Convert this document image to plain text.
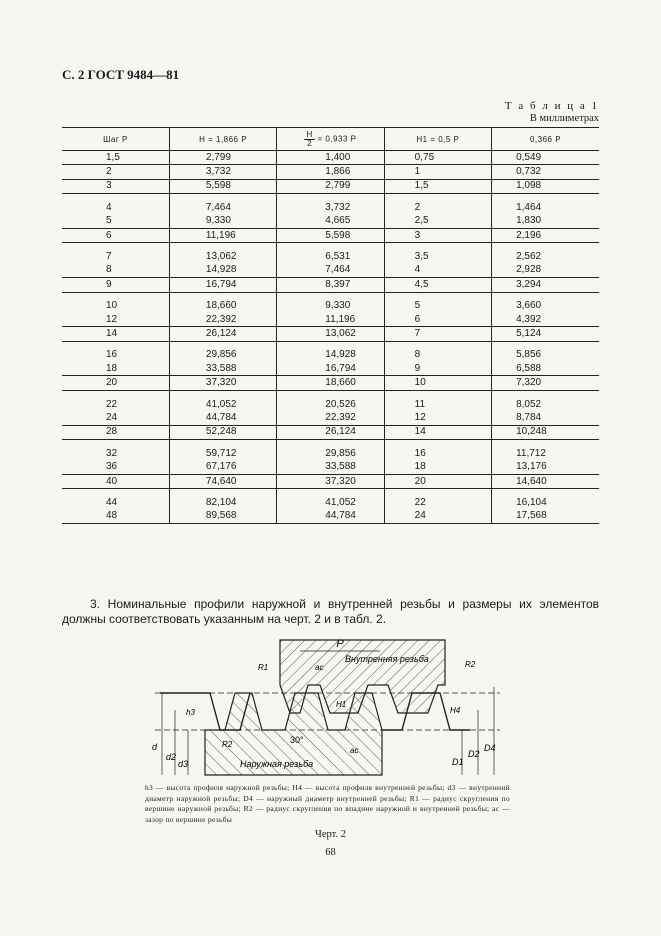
С. 2 ГОСТ 9484—81
Т а б л и ц а 1
В миллиметрах
Шаг P	H = 1,866 P	$\frac{H}{2} = 0,933$ P	H1 = 0,5 P	0,366 P
1,5	2,799	1,400	0,75	0,549
2	3,732	1,866	1	0,732
3	5,598	2,799	1,5	1,098

4	7,464	3,732	2	1,464
5	9,330	4,665	2,5	1,830
6	11,196	5,598	3	2,196

7	13,062	6,531	3,5	2,562
8	14,928	7,464	4	2,928
9	16,794	8,397	4,5	3,294

10	18,660	9,330	5	3,660
12	22,392	11,196	6	4,392
14	26,124	13,062	7	5,124

16	29,856	14,928	8	5,856
18	33,588	16,794	9	6,588
20	37,320	18,660	10	7,320

22	41,052	20,526	11	8,052
24	44,784	22,392	12	8,784
28	52,248	26,124	14	10,248

32	59,712	29,856	16	11,712
36	67,176	33,588	18	13,176
40	74,640	37,320	20	14,640

44	82,104	41,052	22	16,104
48	89,568	44,784	24	17,568
3. Номинальные профили наружной и внутренней резьбы и размеры их элементов должны соответствовать указанным на черт. 2 и в табл. 2.
P
Внутренняя резьба
Наружная резьба
30°
R1
R2
R2
h3	H4
H1
ac
ac
d
d2
d3	D1
D2
D4
h3 — высота профиля наружной резьбы; H4 — высота профиля внутренней резьбы; d3 — внутренний диаметр наружной резьбы; D4 — наружный диаметр внутренней резьбы; R1 — радиус скругления по вершине наружной резьбы; R2 — радиус скругления по впадине наружной и внутренней резьбы; ac — зазор по вершине резьбы
Черт. 2
68
